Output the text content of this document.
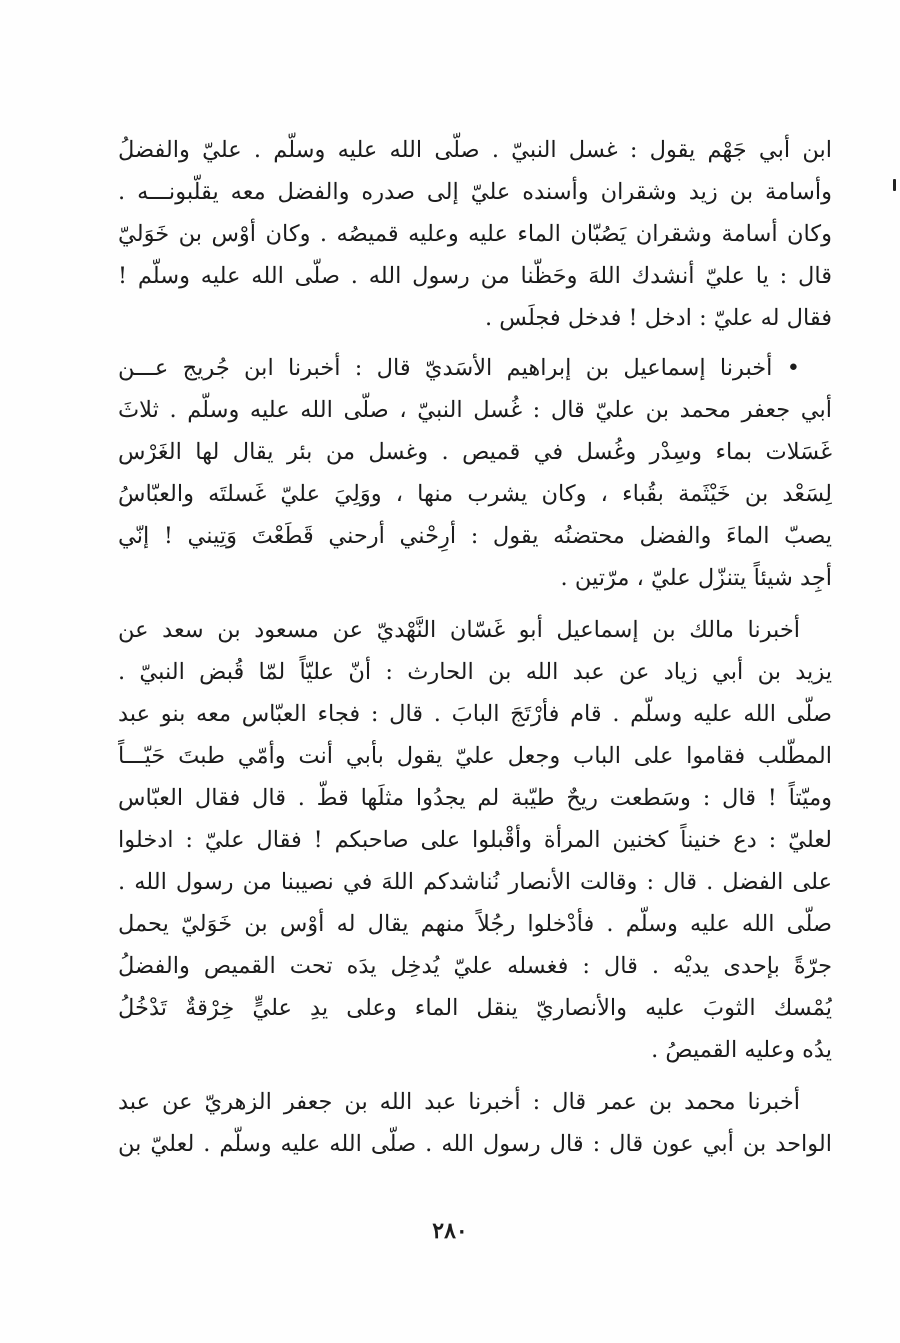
ابن أبي جَهْم يقول : غسل النبيّ . صلّى الله عليه وسلّم . عليّ والفضلُ
وأسامة بن زيد وشقران وأسنده عليّ إلى صدره والفضل معه يقلّبونـــه .
وكان أسامة وشقران يَصُبّان الماء عليه وعليه قميصُه . وكان أوْس بن خَوَليّ
قال : يا عليّ أنشدك اللهَ وحَظّنا من رسول الله . صلّى الله عليه وسلّم !
فقال له عليّ : ادخل ! فدخل فجلَس .
• أخبرنا إسماعيل بن إبراهيم الأسَديّ قال : أخبرنا ابن جُريج عـــن
أبي جعفر محمد بن عليّ قال : غُسل النبيّ ، صلّى الله عليه وسلّم . ثلاثَ
غَسَلات بماء وسِدْر وغُسل في قميص . وغسل من بئر يقال لها الغَرْس
لِسَعْد بن خَيْثَمة بقُباء ، وكان يشرب منها ، ووَلِيَ عليّ غَسلتَه والعبّاسُ
يصبّ الماءَ والفضل محتضنُه يقول : أرِحْني أرحني قَطَعْتَ وَتِيني ! إنّي
أجِد شيئاً يتنزّل عليّ ، مرّتين .
أخبرنا مالك بن إسماعيل أبو غَسّان النَّهْديّ عن مسعود بن سعد عن
يزيد بن أبي زياد عن عبد الله بن الحارث : أنّ عليّاً لمّا قُبض النبيّ .
صلّى الله عليه وسلّم . قام فأرْتَجَ البابَ . قال : فجاء العبّاس معه بنو عبد
المطّلب فقاموا على الباب وجعل عليّ يقول بأبي أنت وأمّي طبتَ حَيّـــاً
وميّتاً ! قال : وسَطعت ريحٌ طيّبة لم يجدُوا مثلَها قطّ . قال فقال العبّاس
لعليّ : دع خنيناً كخنين المرأة وأقْبلوا على صاحبكم ! فقال عليّ : ادخلوا
على الفضل . قال : وقالت الأنصار نُناشدكم اللهَ في نصيبنا من رسول الله .
صلّى الله عليه وسلّم . فأدْخلوا رجُلاً منهم يقال له أوْس بن خَوَليّ يحمل
جرّةً بإحدى يديْه . قال : فغسله عليّ يُدخِل يدَه تحت القميص والفضلُ
يُمْسك الثوبَ عليه والأنصاريّ ينقل الماء وعلى يدِ عليٍّ خِرْقةٌ تَدْخُلُ
يدُه وعليه القميصُ .
أخبرنا محمد بن عمر قال : أخبرنا عبد الله بن جعفر الزهريّ عن عبد
الواحد بن أبي عون قال : قال رسول الله . صلّى الله عليه وسلّم . لعليّ بن
٢٨٠
